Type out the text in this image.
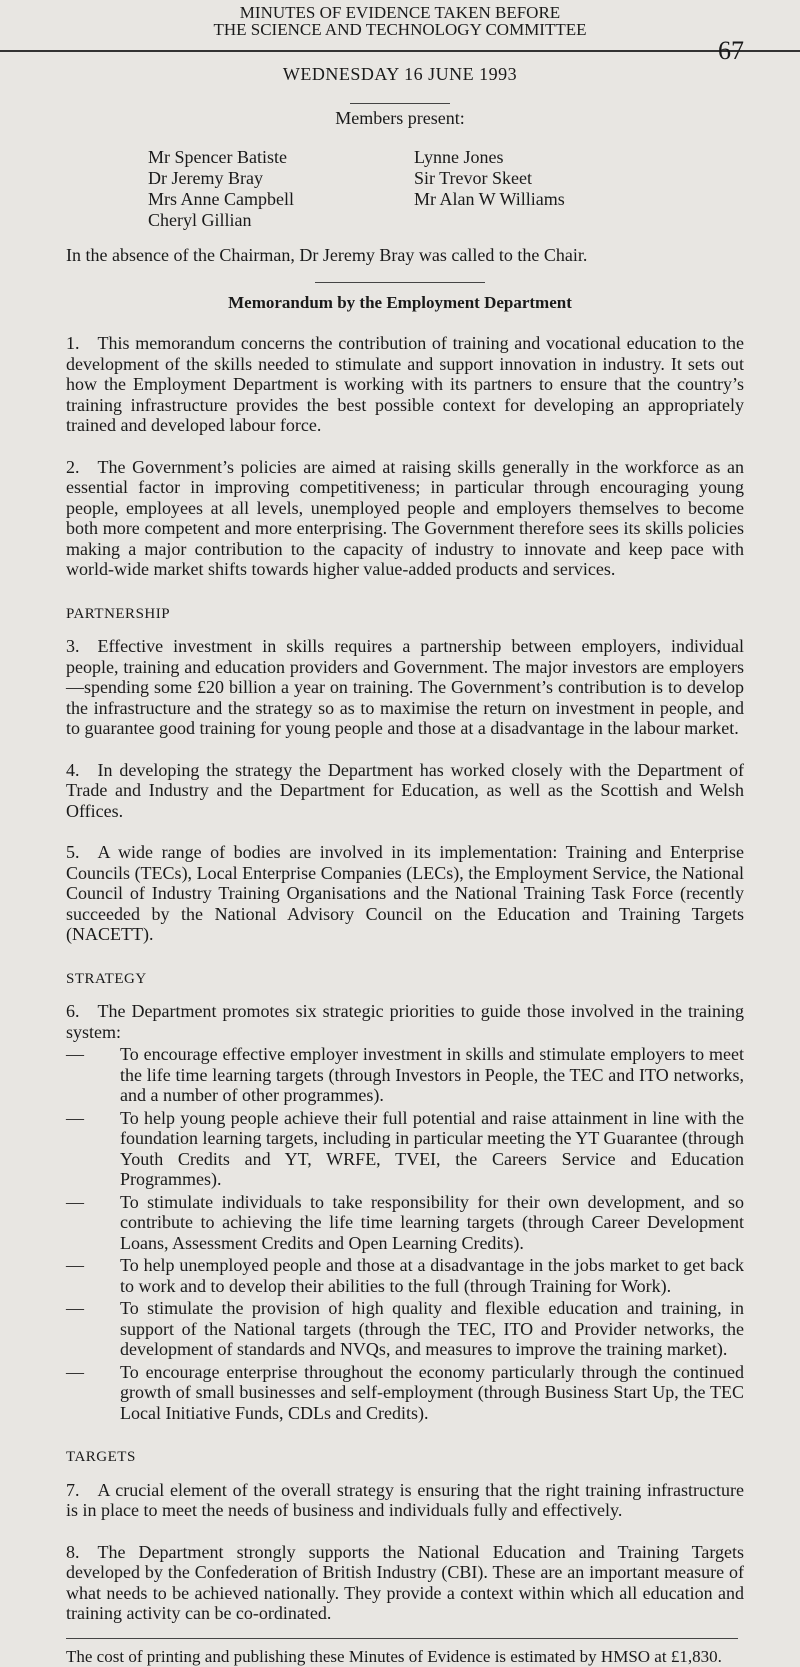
MINUTES OF EVIDENCE TAKEN BEFORE
THE SCIENCE AND TECHNOLOGY COMMITTEE
67
WEDNESDAY 16 JUNE 1993
Members present:
Mr Spencer Batiste	Lynne Jones
Dr Jeremy Bray	Sir Trevor Skeet
Mrs Anne Campbell	Mr Alan W Williams
Cheryl Gillian
In the absence of the Chairman, Dr Jeremy Bray was called to the Chair.
Memorandum by the Employment Department

1. This memorandum concerns the contribution of training and vocational education to the development of the skills needed to stimulate and support innovation in industry. It sets out how the Employment Department is working with its partners to ensure that the country’s training infrastructure provides the best possible context for developing an appropriately trained and developed labour force.

2. The Government’s policies are aimed at raising skills generally in the workforce as an essential factor in improving competitiveness; in particular through encouraging young people, employees at all levels, unemployed people and employers themselves to become both more competent and more enterprising. The Government therefore sees its skills policies making a major contribution to the capacity of industry to innovate and keep pace with world-wide market shifts towards higher value-added products and services.

PARTNERSHIP

3. Effective investment in skills requires a partnership between employers, individual people, training and education providers and Government. The major investors are employers—spending some £20 billion a year on training. The Government’s contribution is to develop the infrastructure and the strategy so as to maximise the return on investment in people, and to guarantee good training for young people and those at a disadvantage in the labour market.

4. In developing the strategy the Department has worked closely with the Department of Trade and Industry and the Department for Education, as well as the Scottish and Welsh Offices.

5. A wide range of bodies are involved in its implementation: Training and Enterprise Councils (TECs), Local Enterprise Companies (LECs), the Employment Service, the National Council of Industry Training Organisations and the National Training Task Force (recently succeeded by the National Advisory Council on the Education and Training Targets (NACETT).

STRATEGY

6. The Department promotes six strategic priorities to guide those involved in the training system:

—	To encourage effective employer investment in skills and stimulate employers to meet the life time learning targets (through Investors in People, the TEC and ITO networks, and a number of other programmes).
—	To help young people achieve their full potential and raise attainment in line with the foundation learning targets, including in particular meeting the YT Guarantee (through Youth Credits and YT, WRFE, TVEI, the Careers Service and Education Programmes).
—	To stimulate individuals to take responsibility for their own development, and so contribute to achieving the life time learning targets (through Career Development Loans, Assessment Credits and Open Learning Credits).
—	To help unemployed people and those at a disadvantage in the jobs market to get back to work and to develop their abilities to the full (through Training for Work).
—	To stimulate the provision of high quality and flexible education and training, in support of the National targets (through the TEC, ITO and Provider networks, the development of standards and NVQs, and measures to improve the training market).
—	To encourage enterprise throughout the economy particularly through the continued growth of small businesses and self-employment (through Business Start Up, the TEC Local Initiative Funds, CDLs and Credits).
TARGETS

7. A crucial element of the overall strategy is ensuring that the right training infrastructure is in place to meet the needs of business and individuals fully and effectively.

8. The Department strongly supports the National Education and Training Targets developed by the Confederation of British Industry (CBI). These are an important measure of what needs to be achieved nationally. They provide a context within which all education and training activity can be co-ordinated.

The cost of printing and publishing these Minutes of Evidence is estimated by HMSO at £1,830.
